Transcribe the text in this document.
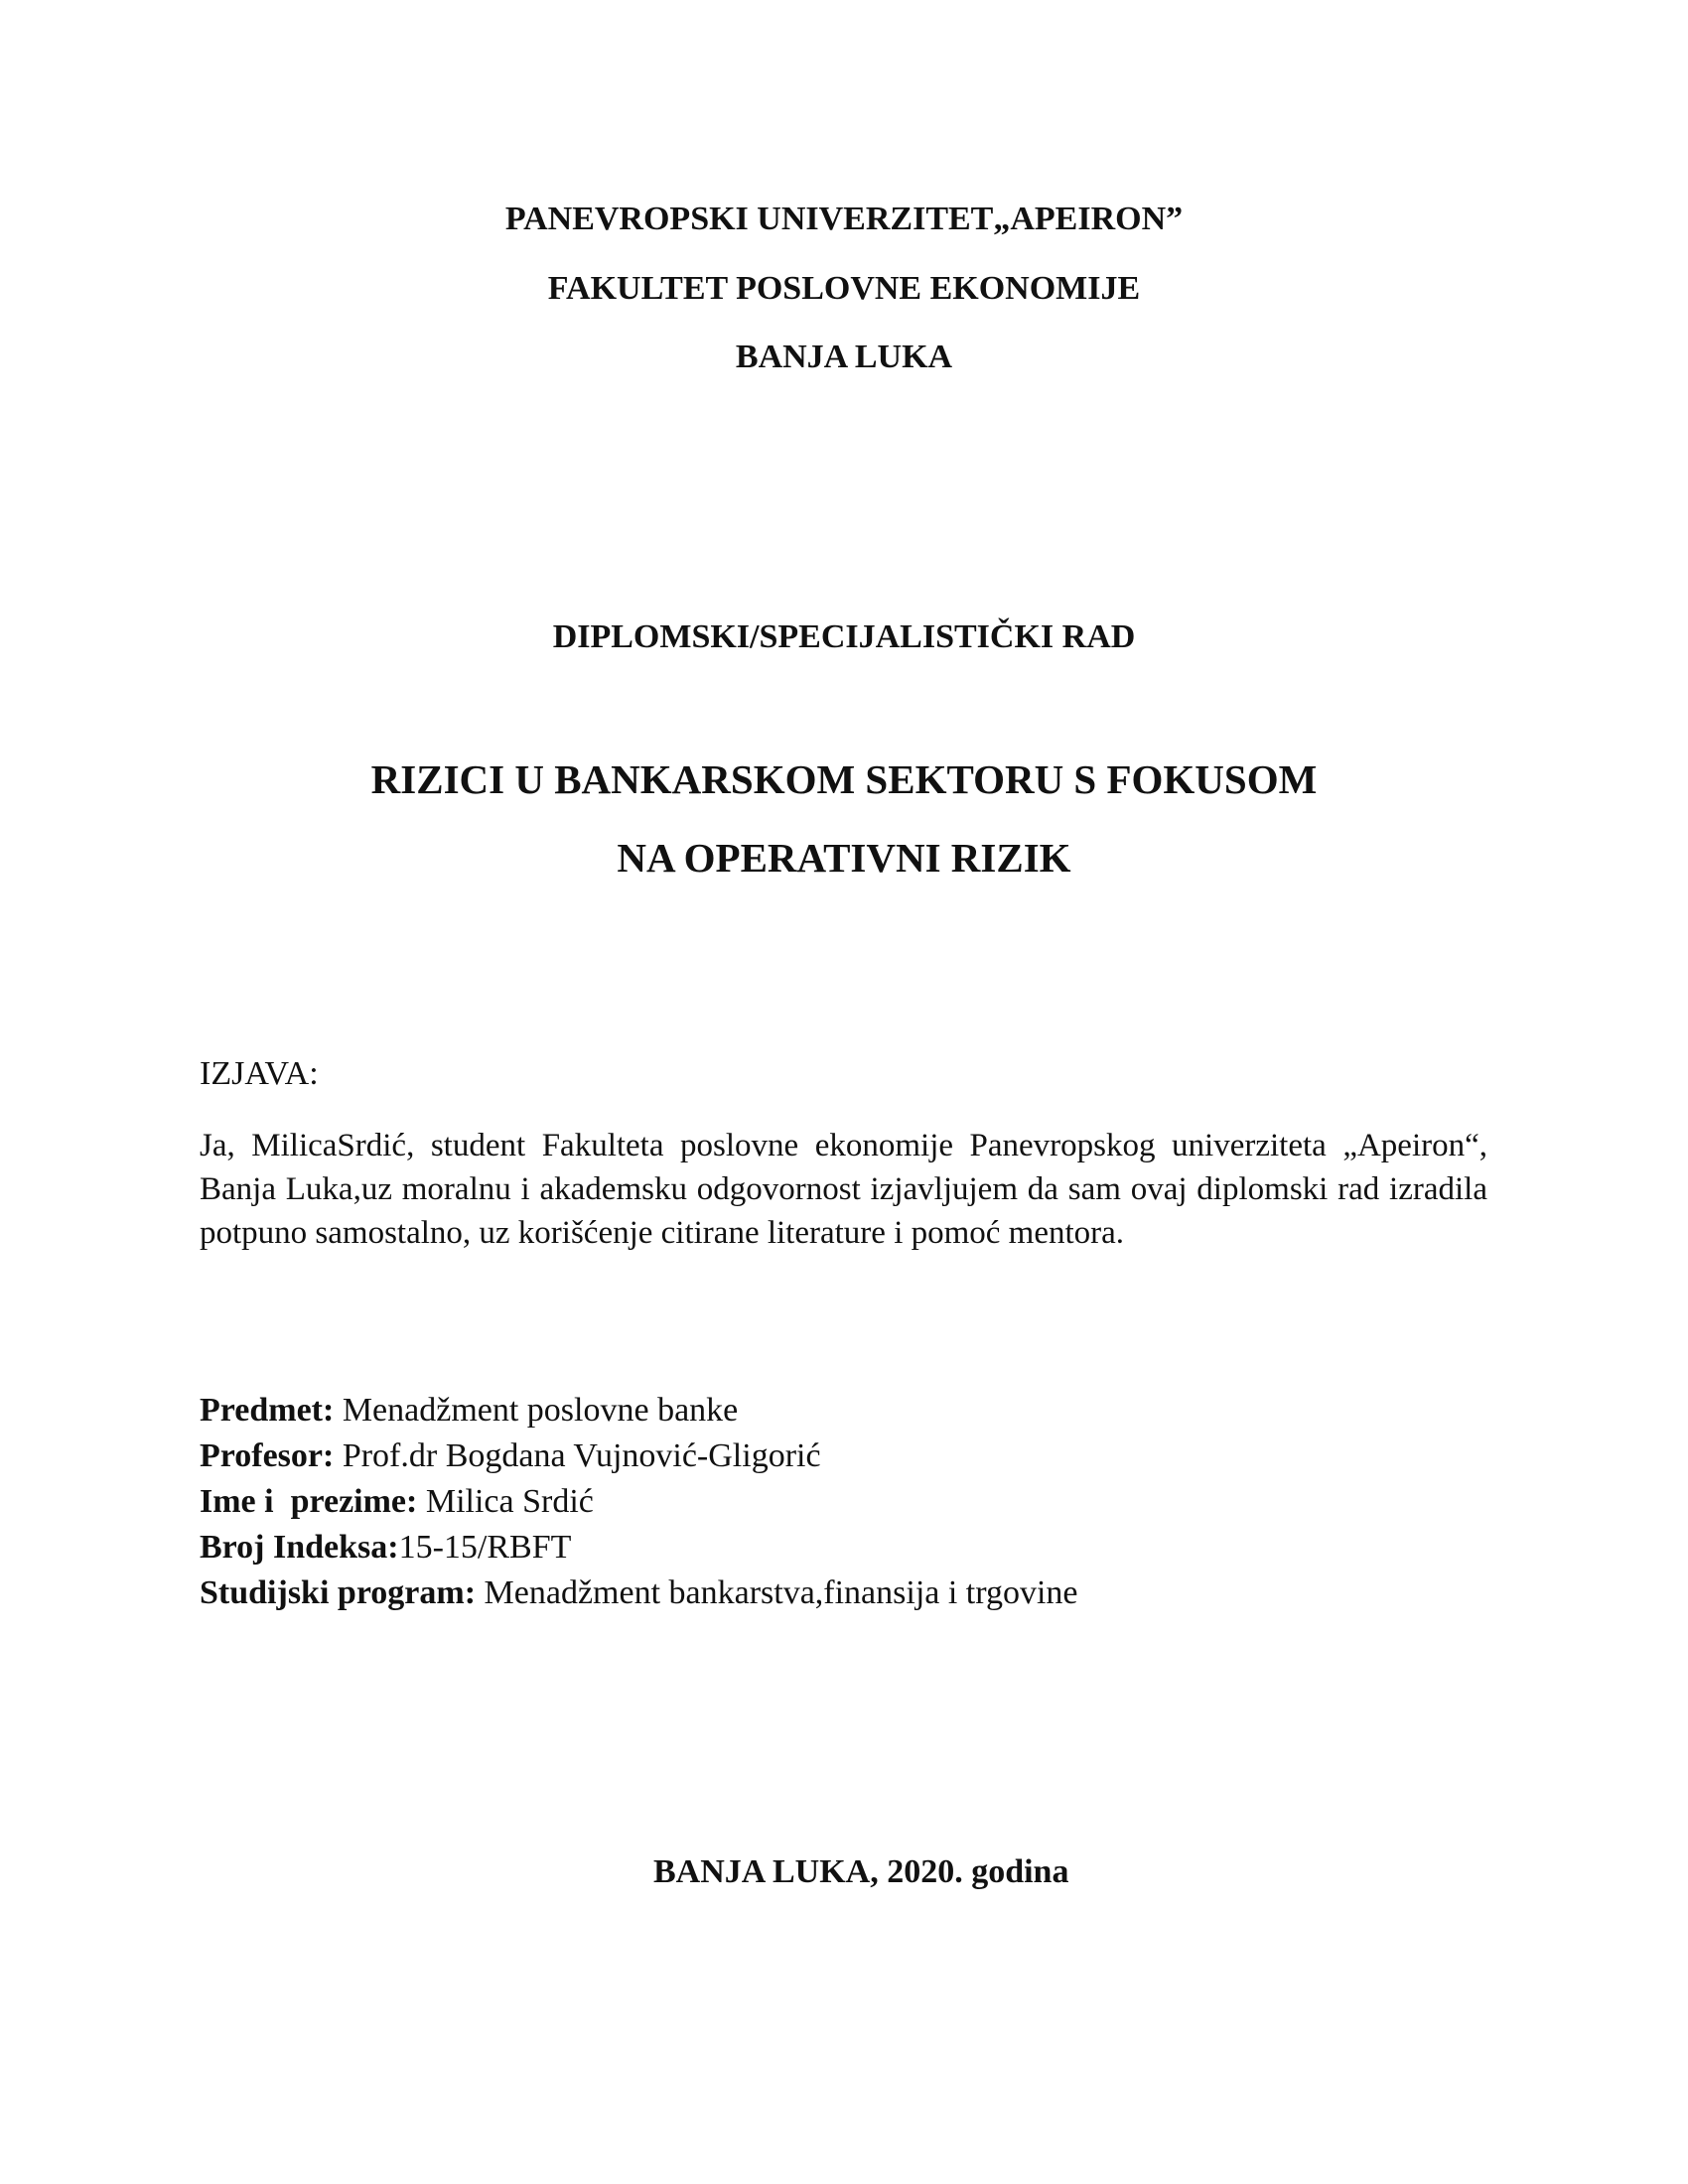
PANEVROPSKI UNIVERZITET„APEIRON”
FAKULTET POSLOVNE EKONOMIJE
BANJA LUKA
DIPLOMSKI/SPECIJALISTIČKI RAD
RIZICI U BANKARSKOM SEKTORU S FOKUSOM
NA OPERATIVNI RIZIK
IZJAVA:
Ja, MilicaSrdić, student Fakulteta poslovne ekonomije Panevropskog univerziteta „Apeiron“, Banja Luka,uz moralnu i akademsku odgovornost izjavljujem da sam ovaj diplomski rad izradila potpuno samostalno, uz korišćenje citirane literature i pomoć mentora.
Predmet: Menadžment poslovne banke
Profesor: Prof.dr Bogdana Vujnović-Gligorić
Ime i  prezime: Milica Srdić
Broj Indeksa:15-15/RBFT
Studijski program: Menadžment bankarstva,finansija i trgovine
BANJA LUKA, 2020. godina
